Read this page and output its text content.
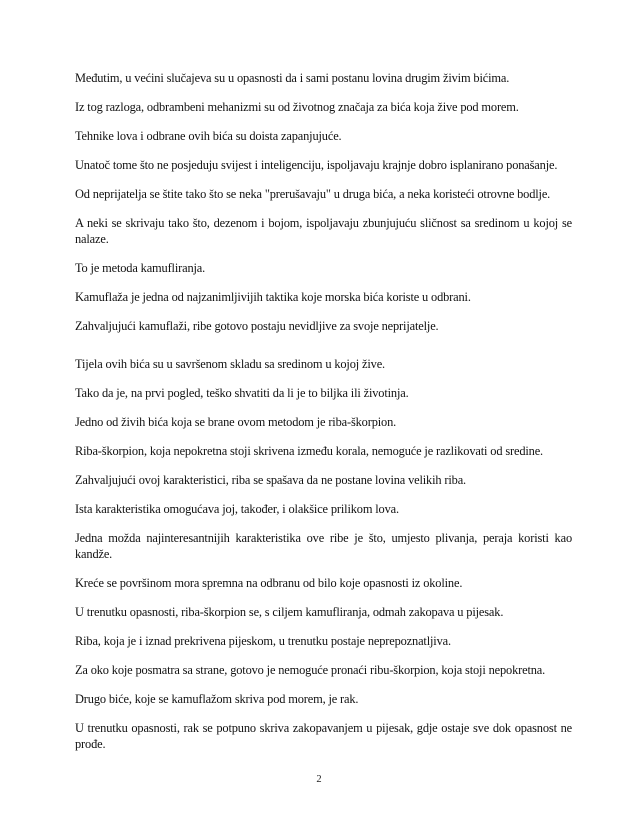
Međutim, u većini slučajeva su u opasnosti da i sami postanu lovina drugim živim bićima.

Iz tog razloga, odbrambeni mehanizmi su od životnog značaja za bića koja žive pod morem.

Tehnike lova i odbrane ovih bića su doista zapanjujuće.

Unatoč tome što ne posjeduju svijest i inteligenciju, ispoljavaju krajnje dobro isplanirano ponašanje.

Od neprijatelja se štite tako što se neka "prerušavaju" u druga bića, a neka koristeći otrovne bodlje.

A neki se skrivaju tako što, dezenom i bojom, ispoljavaju zbunjujuću sličnost sa sredinom u kojoj se nalaze.

To je metoda kamufliranja.

Kamuflaža je jedna od najzanimljivijih taktika koje morska bića koriste u odbrani.

Zahvaljujući kamuflaži, ribe gotovo postaju nevidljive za svoje neprijatelje.

Tijela ovih bića su u savršenom skladu sa sredinom u kojoj žive.

Tako da je, na prvi pogled, teško shvatiti da li je to biljka ili životinja.

Jedno od živih bića koja se brane ovom metodom je riba-škorpion.

Riba-škorpion, koja nepokretna stoji skrivena između korala, nemoguće je razlikovati od sredine.

Zahvaljujući ovoj karakteristici, riba se spašava da ne postane lovina velikih riba.

Ista karakteristika omogućava joj, također, i olakšice prilikom lova.

Jedna možda najinteresantnijih karakteristika ove ribe je što, umjesto plivanja, peraja koristi kao kandže.

Kreće se površinom mora spremna na odbranu od bilo koje opasnosti iz okoline.

U trenutku opasnosti, riba-škorpion se, s ciljem kamufliranja, odmah zakopava u pijesak.

Riba, koja je i iznad prekrivena pijeskom, u trenutku postaje neprepoznatljiva.

Za oko koje posmatra sa strane, gotovo je nemoguće pronaći ribu-škorpion, koja stoji nepokretna.

Drugo biće, koje se kamuflažom skriva pod morem, je rak.

U trenutku opasnosti, rak se potpuno skriva zakopavanjem u pijesak, gdje ostaje sve dok opasnost ne prođe.

2
